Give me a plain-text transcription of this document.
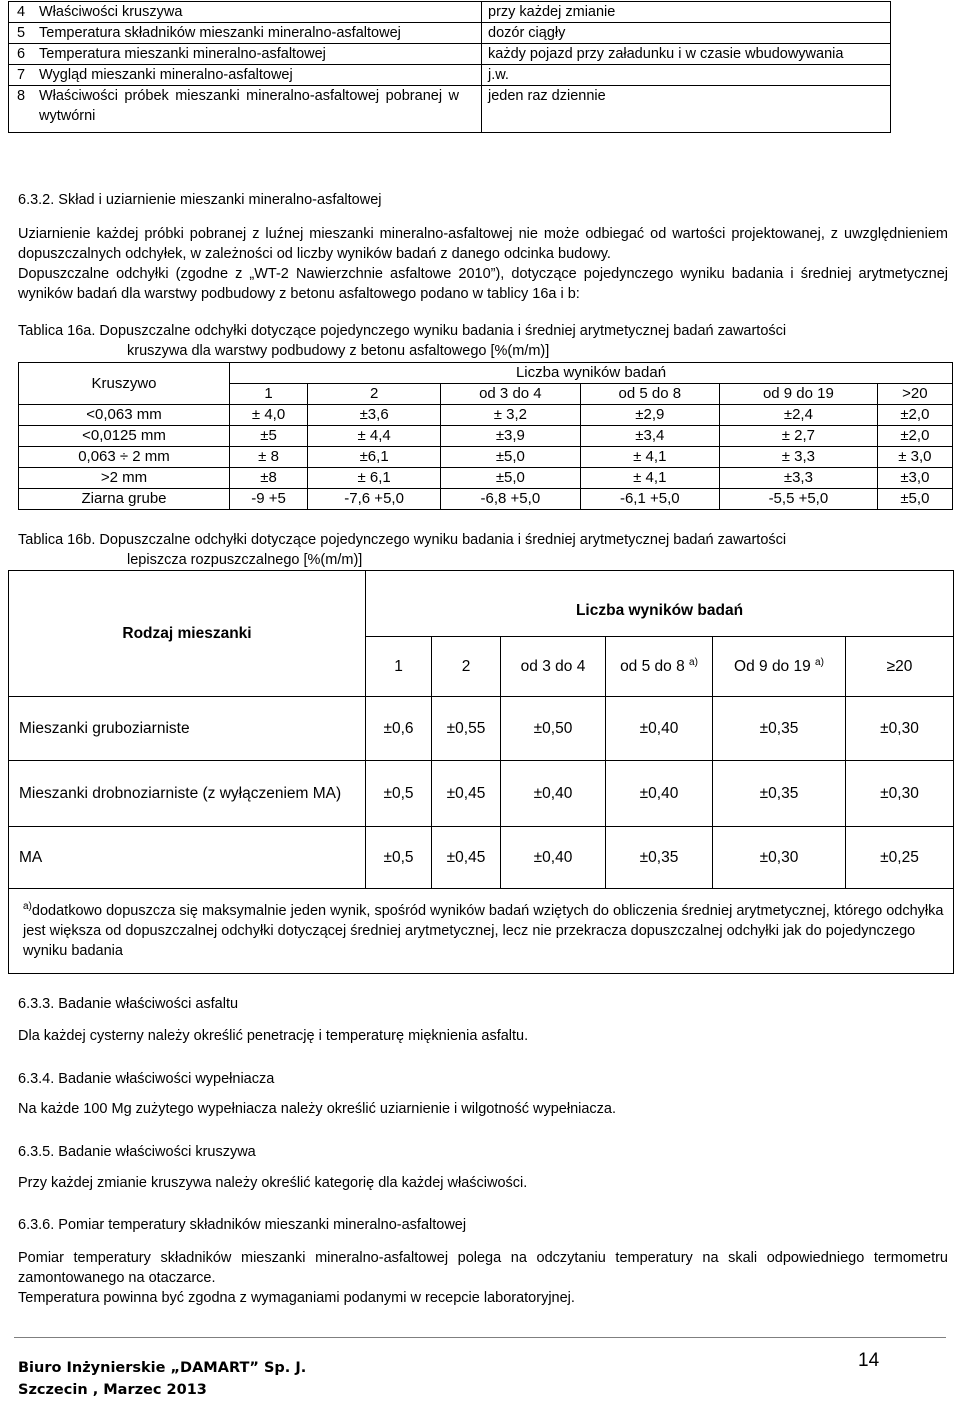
4 Właściwości kruszywa	przy każdej zmianie
5 Temperatura składników mieszanki mineralno-asfaltowej	dozór ciągły
6 Temperatura mieszanki mineralno-asfaltowej	każdy pojazd przy załadunku i w czasie wbudowywania
7 Wygląd mieszanki mineralno-asfaltowej	j.w.
8 Właściwości próbek mieszanki mineralno-asfaltowej pobranej w wytwórni	jeden raz dziennie
6.3.2. Skład i uziarnienie mieszanki mineralno-asfaltowej
Uziarnienie każdej próbki pobranej z luźnej mieszanki mineralno-asfaltowej nie może odbiegać od wartości projektowanej, z uwzględnieniem dopuszczalnych odchyłek, w zależności od liczby wyników badań z danego odcinka budowy.
Dopuszczalne odchyłki (zgodne z „WT-2 Nawierzchnie asfaltowe 2010”), dotyczące pojedynczego wyniku badania i średniej arytmetycznej wyników badań dla warstwy podbudowy z betonu asfaltowego podano w tablicy 16a i b:
Tablica 16a. Dopuszczalne odchyłki dotyczące pojedynczego wyniku badania i średniej arytmetycznej badań zawartości
kruszywa dla warstwy podbudowy z betonu asfaltowego [%(m/m)]
Kruszywo	Liczba wyników badań					
	1	2	od 3 do 4	od 5 do 8	od 9 do 19	>20
<0,063 mm	± 4,0	±3,6	± 3,2	±2,9	±2,4	±2,0
<0,0125 mm	±5	± 4,4	±3,9	±3,4	± 2,7	±2,0
0,063 ÷ 2 mm	± 8	±6,1	±5,0	± 4,1	± 3,3	± 3,0
>2 mm	±8	± 6,1	±5,0	± 4,1	±3,3	±3,0
Ziarna grube	-9 +5	-7,6 +5,0	-6,8 +5,0	-6,1 +5,0	-5,5 +5,0	±5,0
Tablica 16b. Dopuszczalne odchyłki dotyczące pojedynczego wyniku badania i średniej arytmetycznej badań zawartości
lepiszcza rozpuszczalnego [%(m/m)]
Rodzaj mieszanki	Liczba wyników badań					
	1	2	od 3 do 4	od 5 do 8 $^{a)}$	Od 9 do 19 $^{a)}$	≥20
Mieszanki gruboziarniste	±0,6	±0,55	±0,50	±0,40	±0,35	±0,30
Mieszanki drobnoziarniste (z wyłączeniem MA)	±0,5	±0,45	±0,40	±0,40	±0,35	±0,30
MA	±0,5	±0,45	±0,40	±0,35	±0,30	±0,25
$^{a)}$dodatkowo dopuszcza się maksymalnie jeden wynik, spośród wyników badań wziętych do obliczenia średniej arytmetycznej, którego odchyłka jest większa od dopuszczalnej odchyłki dotyczącej średniej arytmetycznej, lecz nie przekracza dopuszczalnej odchyłki jak do pojedynczego wyniku badania						
6.3.3. Badanie właściwości asfaltu
Dla każdej cysterny należy określić penetrację i temperaturę mięknienia asfaltu.
6.3.4. Badanie właściwości wypełniacza
Na każde 100 Mg zużytego wypełniacza należy określić uziarnienie i wilgotność wypełniacza.
6.3.5. Badanie właściwości kruszywa
Przy każdej zmianie kruszywa należy określić kategorię dla każdej właściwości.
6.3.6. Pomiar temperatury składników mieszanki mineralno-asfaltowej
Pomiar temperatury składników mieszanki mineralno-asfaltowej polega na odczytaniu temperatury na skali odpowiedniego termometru zamontowanego na otaczarce.
Temperatura powinna być zgodna z wymaganiami podanymi w recepcie laboratoryjnej.
Biuro Inżynierskie „DAMART” Sp. J.
Szczecin , Marzec 2013
14
